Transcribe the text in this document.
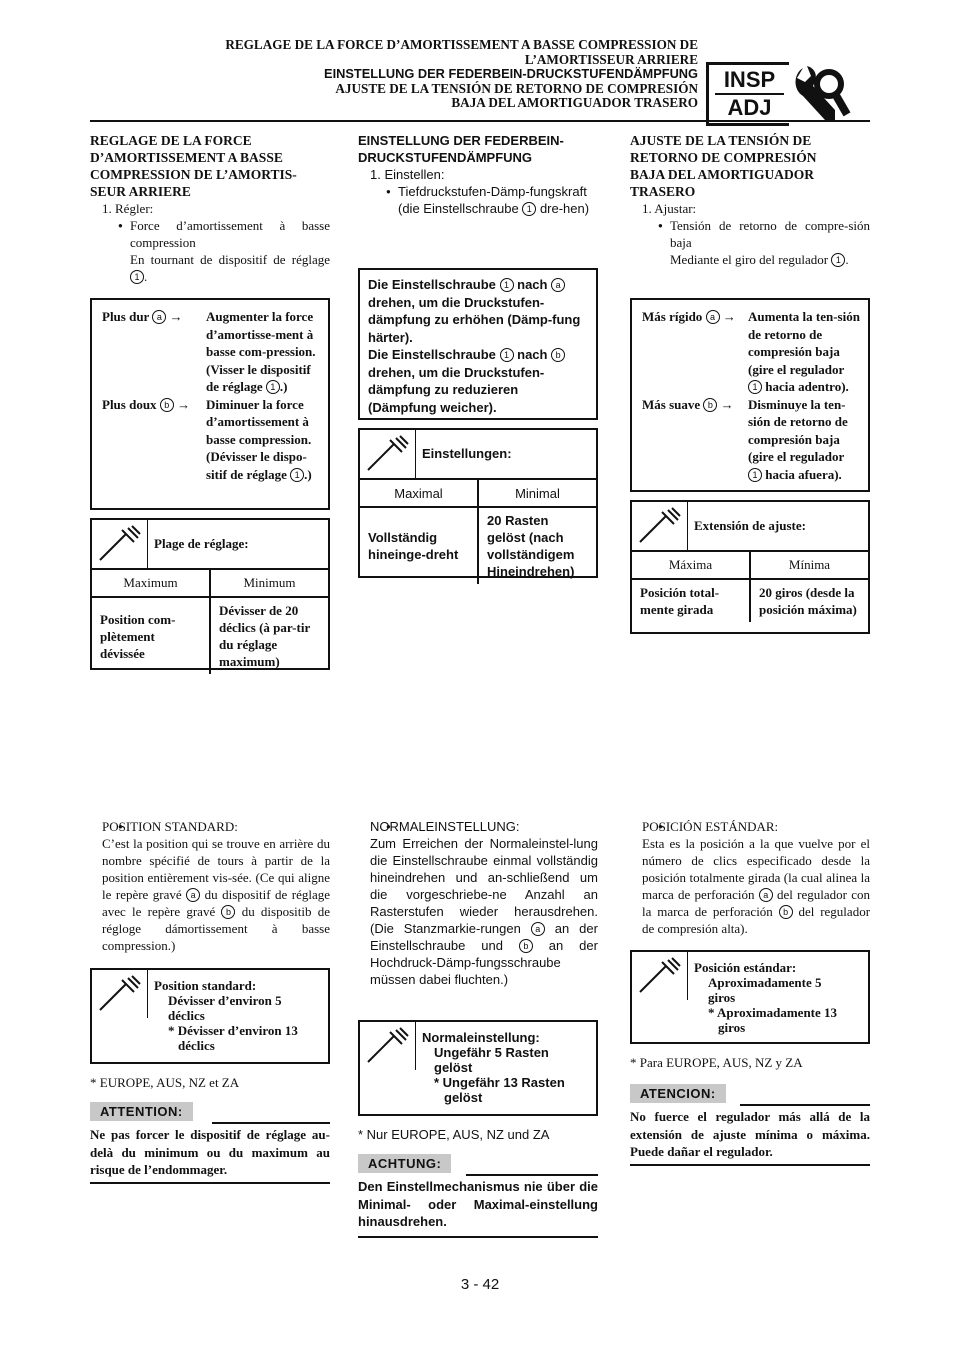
REGLAGE DE LA FORCE D’AMORTISSEMENT A BASSE COMPRESSION DE
L’AMORTISSEUR ARRIERE
EINSTELLUNG DER FEDERBEIN-DRUCKSTUFENDÄMPFUNG
AJUSTE DE LA TENSIÓN DE RETORNO DE COMPRESIÓN
BAJA DEL AMORTIGUADOR TRASERO
INSP
ADJ
REGLAGE DE LA FORCE
D’AMORTISSEMENT A BASSE
COMPRESSION DE L’AMORTIS-
SEUR ARRIERE
1. Régler:
● Force d’amortissement à basse compression
En tournant de dispositif de réglage 1 .
Plus dur a →	Augmenter la force d’amortisse-ment à basse com-pression. (Visser le dispositif de réglage 1 .)
Plus doux b →	Diminuer la force d’amortissement à basse compression. (Dévisser le dispo-sitif de réglage 1 .)
Plage de réglage:
Maximum	Minimum
Position com-plètement dévissée	Dévisser de 20 déclics (à par-tir du réglage maximum)
EINSTELLUNG DER FEDERBEIN-
DRUCKSTUFENDÄMPFUNG
1. Einstellen:
● Tiefdruckstufen-Dämp-fungskraft
(die Einstellschraube 1 dre-hen)
Die Einstellschraube 1 nach a drehen, um die Druckstufen-dämpfung zu erhöhen (Dämp-fung härter).
Die Einstellschraube 1 nach b drehen, um die Druckstufen-dämpfung zu reduzieren (Dämpfung weicher).
Einstellungen:
Maximal	Minimal
Vollständig hineinge-dreht	20 Rasten gelöst (nach vollständigem Hineindrehen)
AJUSTE DE LA TENSIÓN DE
RETORNO DE COMPRESIÓN
BAJA DEL AMORTIGUADOR
TRASERO
1. Ajustar:
● Tensión de retorno de compre-sión baja
Mediante el giro del regulador 1 .
Más rígido a → Aumenta la ten-sión de retorno de compresión baja (gire el regulador 1 hacia adentro).
Más suave b →	Disminuye la ten-sión de retorno de compresión baja (gire el regulador 1 hacia afuera).
Extensión de ajuste:
Máxima	Mínima
Posición total-mente girada	20 giros (desde la posición máxima)
● POSITION STANDARD:
C’est la position qui se trouve en arrière du nombre spécifié de tours à partir de la position entièrement vis-sée. (Ce qui aligne le repère gravé a du dispositif de réglage avec le repère gravé b du dispositib de régloge dámortissement à basse compression.)
Position standard:
Dévisser d’environ 5
déclics
* Dévisser d’environ 13
déclics
* EUROPE, AUS, NZ et ZA
ATTENTION:
Ne pas forcer le dispositif de réglage au-delà du minimum ou du maximum au risque de l’endommager.
● NORMALEINSTELLUNG:
Zum Erreichen der Normaleinstel-lung die Einstellschraube einmal vollständig hineindrehen und an-schließend um die vorgeschriebe-ne Anzahl an Rasterstufen wieder herausdrehen. (Die Stanzmarkie-rungen a an der Einstellschraube und b an der Hochdruck-Dämp-fungsschraube müssen dabei fluchten.)
Normaleinstellung:
Ungefähr 5 Rasten
gelöst
* Ungefähr 13 Rasten
gelöst
* Nur EUROPE, AUS, NZ und ZA
ACHTUNG:
Den Einstellmechanismus nie über die Minimal- oder Maximal-einstellung hinausdrehen.
● POSICIÓN ESTÁNDAR:
Esta es la posición a la que vuelve por el número de clics especificado desde la posición totalmente girada (la cual alinea la marca de perforación a del regulador con la marca de perforación b del regulador de compresión alta).
Posición estándar:
Aproximadamente 5
giros
* Aproximadamente 13
giros
* Para EUROPE, AUS, NZ y ZA
ATENCION:
No fuerce el regulador más allá de la extensión de ajuste mínima o máxima. Puede dañar el regulador.
3 - 42
